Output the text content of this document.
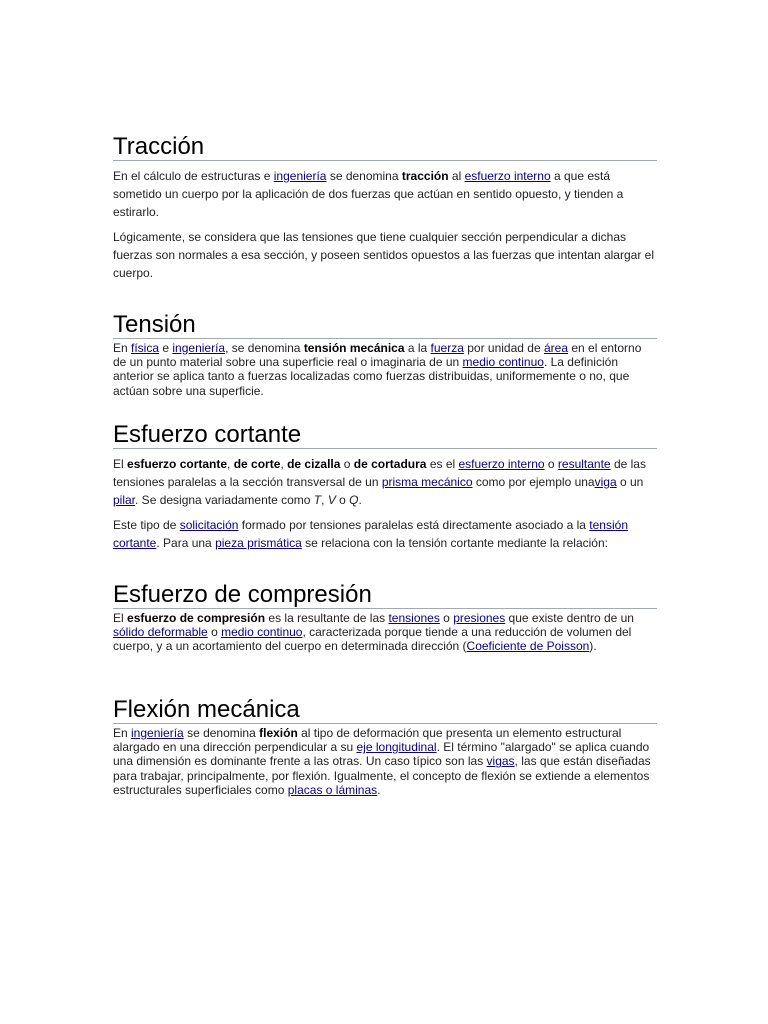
Tracción

En el cálculo de estructuras e ingeniería se denomina tracción al esfuerzo interno a que está sometido un cuerpo por la aplicación de dos fuerzas que actúan en sentido opuesto, y tienden a estirarlo.

Lógicamente, se considera que las tensiones que tiene cualquier sección perpendicular a dichas fuerzas son normales a esa sección, y poseen sentidos opuestos a las fuerzas que intentan alargar el cuerpo.

Tensión

En física e ingeniería, se denomina tensión mecánica a la fuerza por unidad de área en el entorno de un punto material sobre una superficie real o imaginaria de un medio continuo. La definición anterior se aplica tanto a fuerzas localizadas como fuerzas distribuidas, uniformemente o no, que actúan sobre una superficie.

Esfuerzo cortante

El esfuerzo cortante, de corte, de cizalla o de cortadura es el esfuerzo interno o resultante de las tensiones paralelas a la sección transversal de un prisma mecánico como por ejemplo unaviga o un pilar. Se designa variadamente como T, V o Q.

Este tipo de solicitación formado por tensiones paralelas está directamente asociado a la tensión cortante. Para una pieza prismática se relaciona con la tensión cortante mediante la relación:

Esfuerzo de compresión

El esfuerzo de compresión es la resultante de las tensiones o presiones que existe dentro de un sólido deformable o medio continuo, caracterizada porque tiende a una reducción de volumen del cuerpo, y a un acortamiento del cuerpo en determinada dirección (Coeficiente de Poisson).

Flexión mecánica

En ingeniería se denomina flexión al tipo de deformación que presenta un elemento estructural alargado en una dirección perpendicular a su eje longitudinal. El término "alargado" se aplica cuando una dimensión es dominante frente a las otras. Un caso típico son las vigas, las que están diseñadas para trabajar, principalmente, por flexión. Igualmente, el concepto de flexión se extiende a elementos estructurales superficiales como placas o láminas.
